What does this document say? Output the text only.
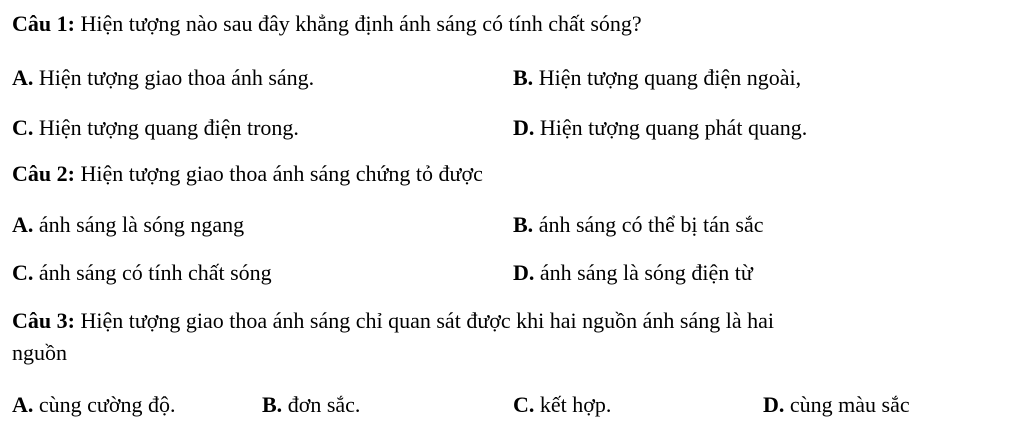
Câu 1: Hiện tượng nào sau đây khẳng định ánh sáng có tính chất sóng?
A. Hiện tượng giao thoa ánh sáng.	B. Hiện tượng quang điện ngoài,
C. Hiện tượng quang điện trong.	D. Hiện tượng quang phát quang.
Câu 2: Hiện tượng giao thoa ánh sáng chứng tỏ được
A. ánh sáng là sóng ngang	B. ánh sáng có thể bị tán sắc
C. ánh sáng có tính chất sóng	D. ánh sáng là sóng điện từ
Câu 3: Hiện tượng giao thoa ánh sáng chỉ quan sát được khi hai nguồn ánh sáng là hai
nguồn
A. cùng cường độ.	B. đơn sắc.	C. kết hợp.	D. cùng màu sắc
